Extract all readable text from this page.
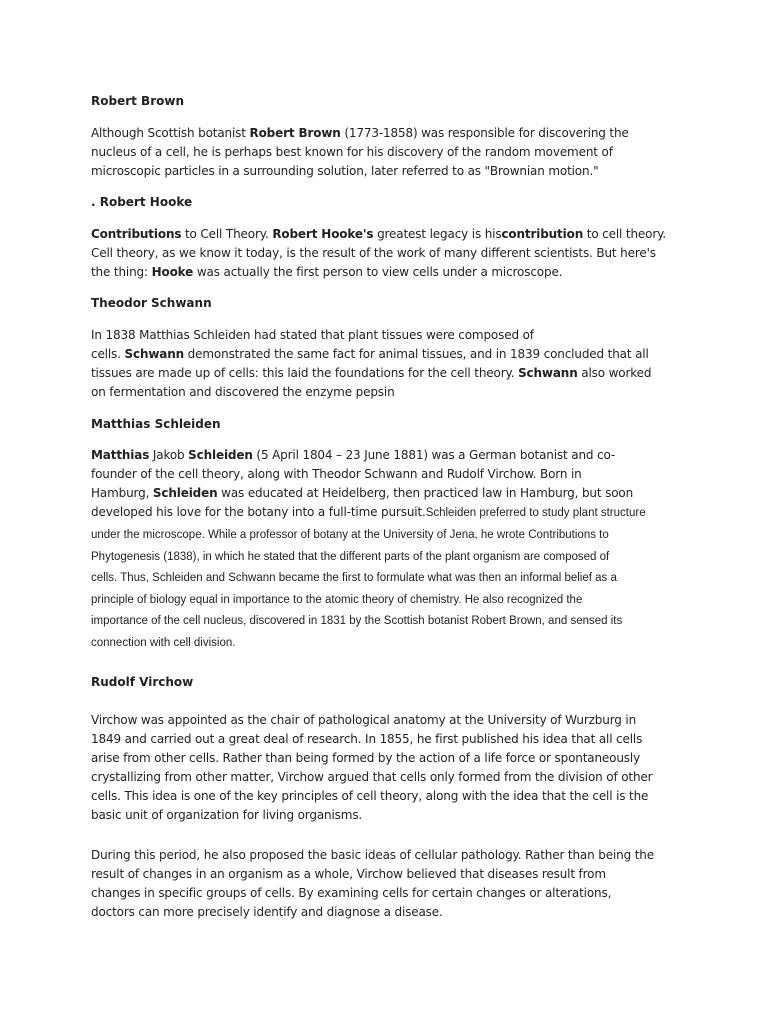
Robert Brown
Although Scottish botanist Robert Brown (1773-1858) was responsible for discovering the
nucleus of a cell, he is perhaps best known for his discovery of the random movement of
microscopic particles in a surrounding solution, later referred to as "Brownian motion."
. Robert Hooke
Contributions to Cell Theory. Robert Hooke's greatest legacy is hiscontribution to cell theory.
Cell theory, as we know it today, is the result of the work of many different scientists. But here's
the thing: Hooke was actually the first person to view cells under a microscope.
Theodor Schwann
In 1838 Matthias Schleiden had stated that plant tissues were composed of
cells. Schwann demonstrated the same fact for animal tissues, and in 1839 concluded that all
tissues are made up of cells: this laid the foundations for the cell theory. Schwann also worked
on fermentation and discovered the enzyme pepsin
Matthias Schleiden
Matthias Jakob Schleiden (5 April 1804 – 23 June 1881) was a German botanist and co-
founder of the cell theory, along with Theodor Schwann and Rudolf Virchow. Born in
Hamburg, Schleiden was educated at Heidelberg, then practiced law in Hamburg, but soon
developed his love for the botany into a full-time pursuit.Schleiden preferred to study plant structure
under the microscope. While a professor of botany at the University of Jena, he wrote Contributions to
Phytogenesis (1838), in which he stated that the different parts of the plant organism are composed of
cells. Thus, Schleiden and Schwann became the first to formulate what was then an informal belief as a
principle of biology equal in importance to the atomic theory of chemistry. He also recognized the
importance of the cell nucleus, discovered in 1831 by the Scottish botanist Robert Brown, and sensed its
connection with cell division.
Rudolf Virchow
Virchow was appointed as the chair of pathological anatomy at the University of Wurzburg in
1849 and carried out a great deal of research. In 1855, he first published his idea that all cells
arise from other cells. Rather than being formed by the action of a life force or spontaneously
crystallizing from other matter, Virchow argued that cells only formed from the division of other
cells. This idea is one of the key principles of cell theory, along with the idea that the cell is the
basic unit of organization for living organisms.
During this period, he also proposed the basic ideas of cellular pathology. Rather than being the
result of changes in an organism as a whole, Virchow believed that diseases result from
changes in specific groups of cells. By examining cells for certain changes or alterations,
doctors can more precisely identify and diagnose a disease.
